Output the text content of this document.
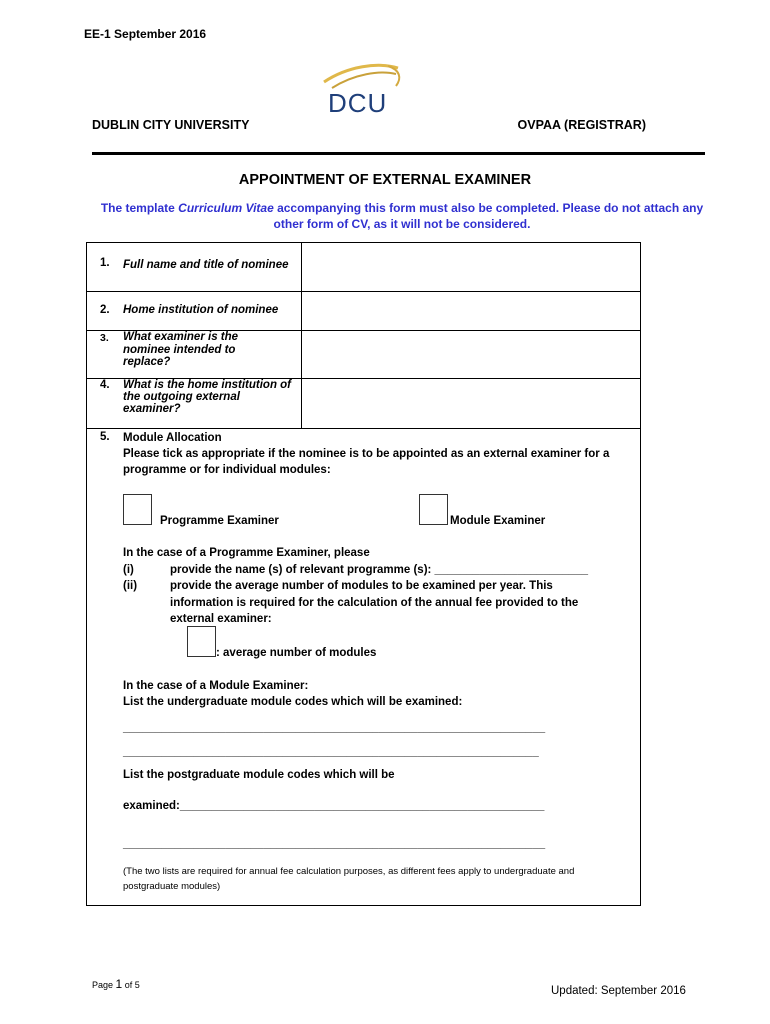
EE-1 September 2016
DCU
DUBLIN CITY UNIVERSITY	OVPAA (REGISTRAR)
APPOINTMENT OF EXTERNAL EXAMINER
The template Curriculum Vitae accompanying this form must also be completed. Please do not attach any other form of CV, as it will not be considered.
1. Full name and title of nominee
2. Home institution of nominee
3. What examiner is the nominee intended to replace?
4. What is the home institution of the outgoing external examiner?
5. Module Allocation
Please tick as appropriate if the nominee is to be appointed as an external examiner for a programme or for individual modules:
Programme Examiner	Module Examiner
In the case of a Programme Examiner, please
(i)	provide the name (s) of relevant programme (s): ________________________
(ii)	provide the average number of modules to be examined per year. This
information is required for the calculation of the annual fee provided to the
external examiner:
: average number of modules
In the case of a Module Examiner:
List the undergraduate module codes which will be examined:
__________________________________________________________________
_________________________________________________________________
List the postgraduate module codes which will be
examined:_________________________________________________________
__________________________________________________________________
(The two lists are required for annual fee calculation purposes, as different fees apply to undergraduate and postgraduate modules)
Page 1 of 5	Updated: September 2016
